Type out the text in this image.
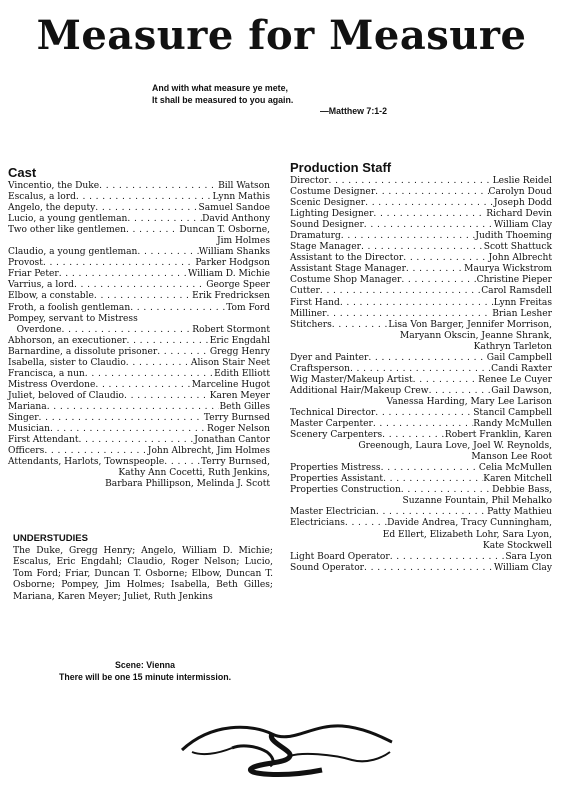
Measure for Measure
And with what measure ye mete,
It shall be measured to you again.
—Matthew 7:1-2
Cast
Vincentio, the Duke . . .	Bill Watson
Escalus, a lord . . .	Lynn Mathis
Angelo, the deputy . . .	Samuel Sandoe
Lucio, a young gentleman . . .	David Anthony
Two other like gentlemen . . .	Duncan T. Osborne,
Jim Holmes
Claudio, a young gentleman . . .	William Shanks
Provost . . .	Parker Hodgson
Friar Peter . . .	William D. Michie
Varrius, a lord . . .	George Speer
Elbow, a constable . . .	Erik Fredricksen
Froth, a foolish gentleman . . .	Tom Ford
Pompey, servant to Mistress
Overdone . . .	Robert Stormont
Abhorson, an executioner . . .	Eric Engdahl
Barnardine, a dissolute prisoner . . .	Gregg Henry
Isabella, sister to Claudio . . .	Alison Stair Neet
Francisca, a nun . . .	Edith Elliott
Mistress Overdone . . .	Marceline Hugot
Juliet, beloved of Claudio . . .	Karen Meyer
Mariana . . .	Beth Gilles
Singer . . .	Terry Burnsed
Musician . . .	Roger Nelson
First Attendant . . .	Jonathan Cantor
Officers . . .	John Albrecht, Jim Holmes
Attendants, Harlots, Townspeople . . .	Terry Burnsed,
Kathy Ann Cocetti, Ruth Jenkins,
Barbara Phillipson, Melinda J. Scott
UNDERSTUDIES
The Duke, Gregg Henry; Angelo, William D. Michie; Escalus, Eric Engdahl; Claudio, Roger Nelson; Lucio, Tom Ford; Friar, Duncan T. Osborne; Elbow, Duncan T. Osborne; Pompey, Jim Holmes; Isabella, Beth Gilles; Mariana, Karen Meyer; Juliet, Ruth Jenkins
Scene: Vienna
There will be one 15 minute intermission.
Production Staff
Director . . .	Leslie Reidel
Costume Designer . . .	Carolyn Doud
Scenic Designer . . .	Joseph Dodd
Lighting Designer . . .	Richard Devin
Sound Designer . . .	William Clay
Dramaturg . . .	Judith Thoeming
Stage Manager . . .	Scott Shattuck
Assistant to the Director . . .	John Albrecht
Assistant Stage Manager . . .	Mauryа Wickstrom
Costume Shop Manager . . .	Christine Pieper
Cutter . . .	Carol Ramsdell
First Hand . . .	Lynn Freitas
Milliner . . .	Brian Lesher
Stitchers . . .	Lisa Von Barger, Jennifer Morrison,
Maryann Okscin, Jeanne Shrank,
Kathryn Tarleton
Dyer and Painter . . .	Gail Campbell
Craftsperson . . .	Candi Raxter
Wig Master/Makeup Artist . . .	Renee Le Cuyer
Additional Hair/Makeup Crew . . .	Gail Dawson,
Vanessa Harding, Mary Lee Larison
Technical Director . . .	Stancil Campbell
Master Carpenter . . .	Randy McMullen
Scenery Carpenters . . .	Robert Franklin, Karen
Greenough, Laura Love, Joel W. Reynolds,
Manson Lee Root
Properties Mistress . . .	Celia McMullen
Properties Assistant . . .	Karen Mitchell
Properties Construction . . .	Debbie Bass,
Suzanne Fountain, Phil Mehalko
Master Electrician . . .	Patty Mathieu
Electricians . . .	Davide Andrea, Tracy Cunningham,
Ed Ellert, Elizabeth Lohr, Sara Lyon,
Kate Stockwell
Light Board Operator . . .	Sara Lyon
Sound Operator . . .	William Clay
